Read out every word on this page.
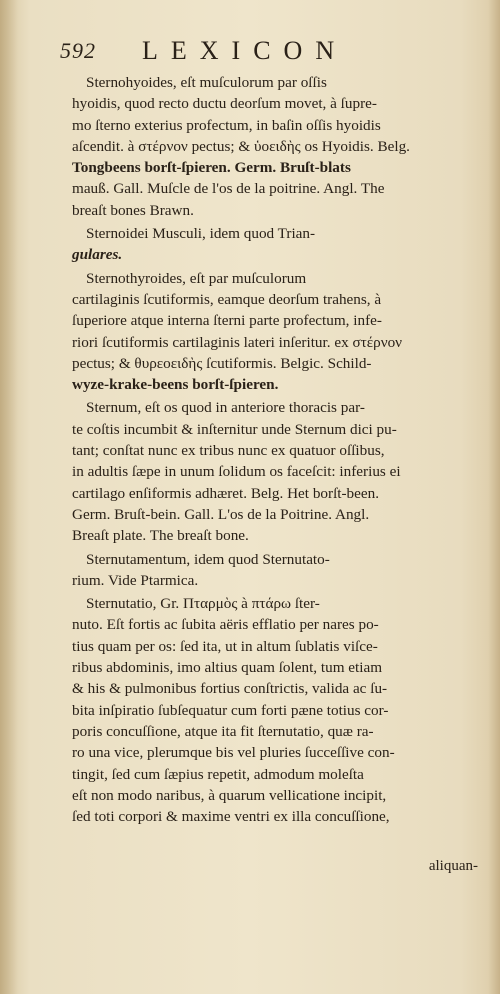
592 LEXICON
Sternohyoides, eſt muſculorum par oſſis
hyoidis, quod recto ductu deorſum movet, à ſupre-
mo ſterno exterius profectum, in baſin oſſis hyoidis
aſcendit. à στέρνον pectus; & ὑοειδὴς os Hyoidis. Belg.
Tongbeens borſt-ſpieren. Germ. Bruſt-blats
mauß. Gall. Muſcle de l'os de la poitrine. Angl. The
breaſt bones Brawn.
Sternoidei Musculi, idem quod Trian-
gulares.
Sternothyroides, eſt par muſculorum
cartilaginis ſcutiformis, eamque deorſum trahens, à
ſuperiore atque interna ſterni parte profectum, infe-
riori ſcutiformis cartilaginis lateri inſeritur. ex στέρνον
pectus; & θυρεοειδὴς ſcutiformis. Belgic. Schild-
wyze-krake-beens borſt-ſpieren.
Sternum, eſt os quod in anteriore thoracis par-
te coſtis incumbit & inſternitur unde Sternum dici pu-
tant; conſtat nunc ex tribus nunc ex quatuor oſſibus,
in adultis ſæpe in unum ſolidum os faceſcit: inferius ei
cartilago enſiformis adhæret. Belg. Het borſt-been.
Germ. Bruſt-bein. Gall. L'os de la Poitrine. Angl.
Breaſt plate. The breaſt bone.
Sternutamentum, idem quod Sternutato-
rium. Vide Ptarmica.
Sternutatio, Gr. Πταρμὸς à πτάρω ſter-
nuto. Eſt fortis ac ſubita aëris efflatio per nares po-
tius quam per os: ſed ita, ut in altum ſublatis viſce-
ribus abdominis, imo altius quam ſolent, tum etiam
& his & pulmonibus fortius conſtrictis, valida ac ſu-
bita inſpiratio ſubſequatur cum forti pæne totius cor-
poris concuſſione, atque ita fit ſternutatio, quæ ra-
ro una vice, plerumque bis vel pluries ſucceſſive con-
tingit, ſed cum ſæpius repetit, admodum moleſta
eſt non modo naribus, à quarum vellicatione incipit,
ſed toti corpori & maxime ventri ex illa concuſſione,
aliquan-
